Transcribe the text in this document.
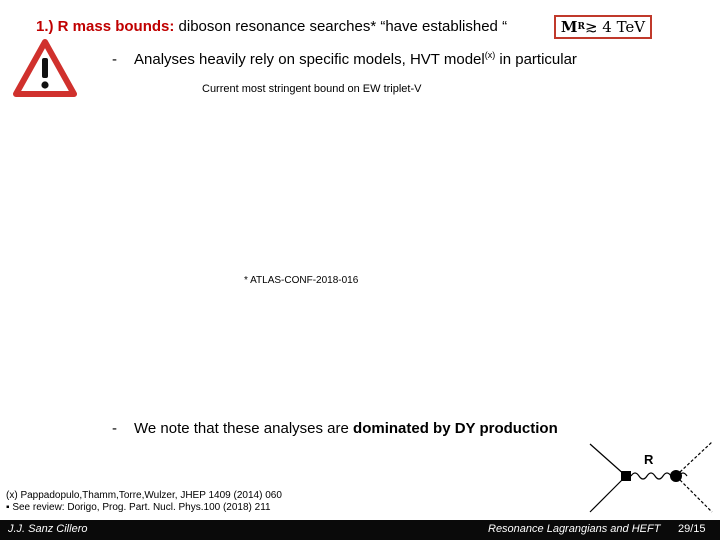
1.) R mass bounds: diboson resonance searches* “have established “	M R ≳ 4 TeV
- Analyses heavily rely on specific models, HVT model$^{(x)}$ in particular
Current most stringent bound on EW triplet-V
* ATLAS-CONF-2018-016
- We note that these analyses are dominated by DY production
R
(x) Pappadopulo,Thamm,Torre,Wulzer, JHEP 1409 (2014) 060
▪ See review: Dorigo, Prog. Part. Nucl. Phys.100 (2018) 211
J.J. Sanz Cillero	Resonance Lagrangians and HEFT 29/15
